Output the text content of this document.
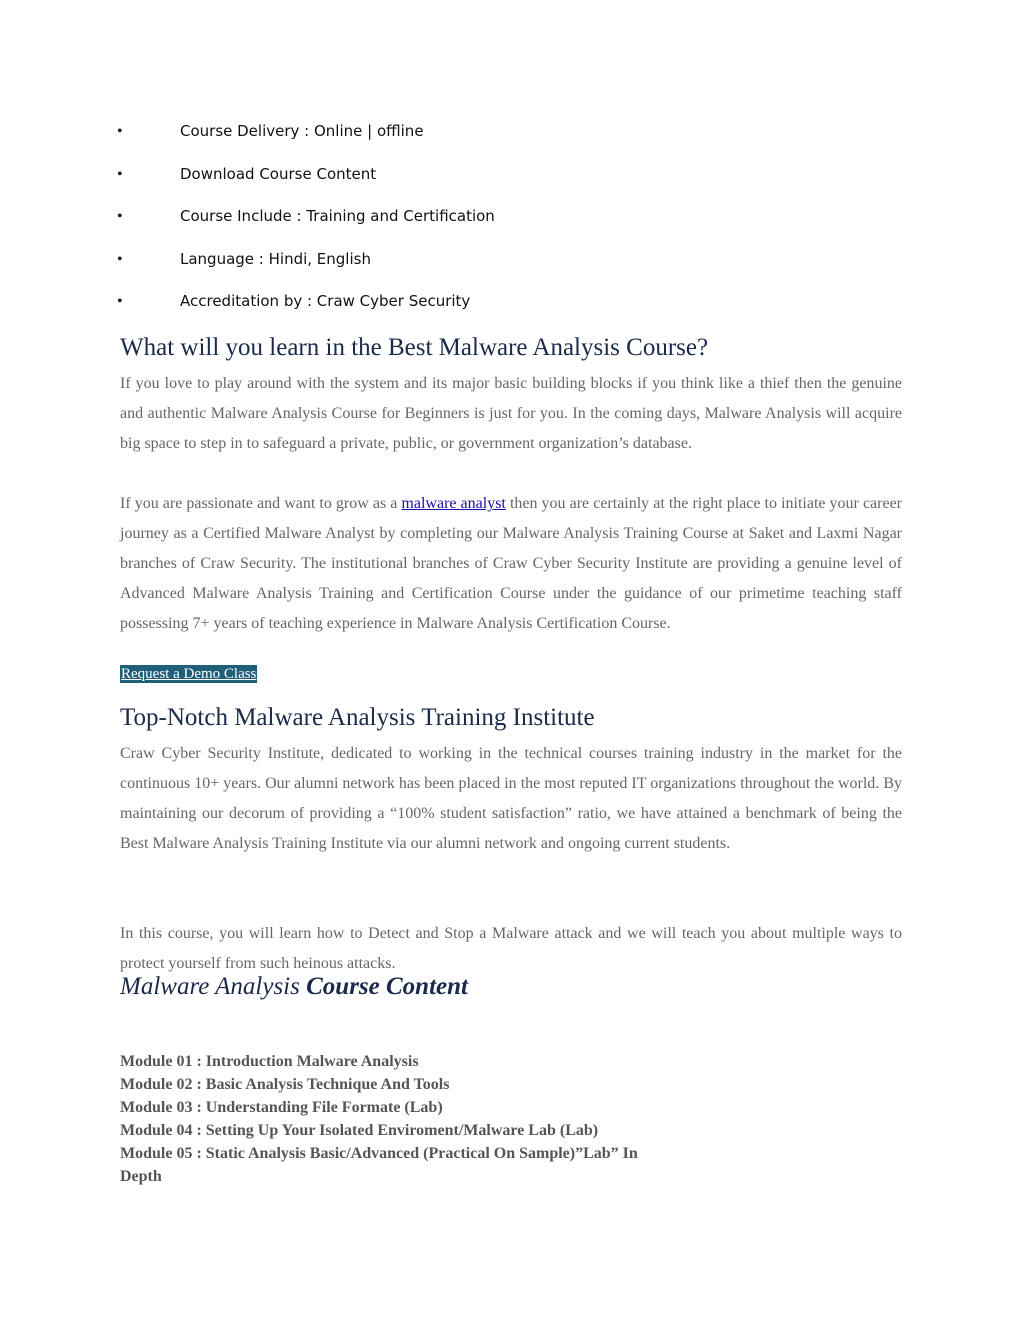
•	Course Delivery : Online | offline
•	Download Course Content
•	Course Include : Training and Certification
•	Language : Hindi, English
•	Accreditation by : Craw Cyber Security
What will you learn in the Best Malware Analysis Course?

If you love to play around with the system and its major basic building blocks if you think like a thief then the genuine and authentic Malware Analysis Course for Beginners is just for you. In the coming days, Malware Analysis will acquire big space to step in to safeguard a private, public, or government organization’s database.

If you are passionate and want to grow as a malware analyst then you are certainly at the right place to initiate your career journey as a Certified Malware Analyst by completing our Malware Analysis Training Course at Saket and Laxmi Nagar branches of Craw Security. The institutional branches of Craw Cyber Security Institute are providing a genuine level of Advanced Malware Analysis Training and Certification Course under the guidance of our primetime teaching staff possessing 7+ years of teaching experience in Malware Analysis Certification Course.

Request a Demo Class
Top-Notch Malware Analysis Training Institute

Craw Cyber Security Institute, dedicated to working in the technical courses training industry in the market for the continuous 10+ years. Our alumni network has been placed in the most reputed IT organizations throughout the world. By maintaining our decorum of providing a “100% student satisfaction” ratio, we have attained a benchmark of being the Best Malware Analysis Training Institute via our alumni network and ongoing current students.

In this course, you will learn how to Detect and Stop a Malware attack and we will teach you about multiple ways to protect yourself from such heinous attacks.

Malware Analysis Course Content
Module 01 : Introduction Malware Analysis
Module 02 : Basic Analysis Technique And Tools
Module 03 : Understanding File Formate (Lab)
Module 04 : Setting Up Your Isolated Enviroment/Malware Lab (Lab)
Module 05 : Static Analysis Basic/Advanced (Practical On Sample)”Lab” In Depth
